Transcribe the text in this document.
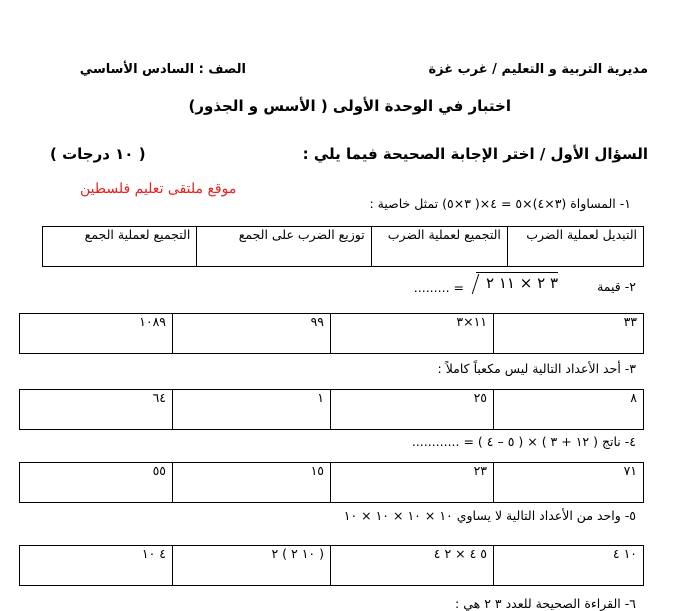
مديرية التربية و التعليم / غرب غزة
الصف : السادس الأساسي
اختبار في الوحدة الأولى ( الأسس و الجذور)
السؤال الأول / اختر الإجابة الصحيحة فيما يلي :
( ١٠ درجات )
موقع ملتقى تعليم فلسطين
١- المساواة (٣×٤)×٥ = ٤×( ٣×٥) تمثل خاصية :
التبديل لعملية الضرب	التجميع لعملية الضرب	توزيع الضرب على الجمع	التجميع لعملية الجمع
٢- قيمة
٣ ٢ × ١١ ٢
= .........
٣٣	١١×٣	٩٩	١٠٨٩
٣- أحد الأعداد التالية ليس مكعباً كاملاً :
٨	٢٥	١	٦٤
٤- ناتج ( ١٢ + ٣ ) × ( ٥ – ٤ ) = ............
٧١	٢٣	١٥	٥٥
٥- واحد من الأعداد التالية لا يساوي ١٠ × ١٠ × ١٠ × ١٠
١٠ ٤	٥ ٤ × ٢ ٤	( ١٠ ٢ ) ٢	٤ ١٠
٦- القراءة الصحيحة للعدد ٣ ٢ هي :
